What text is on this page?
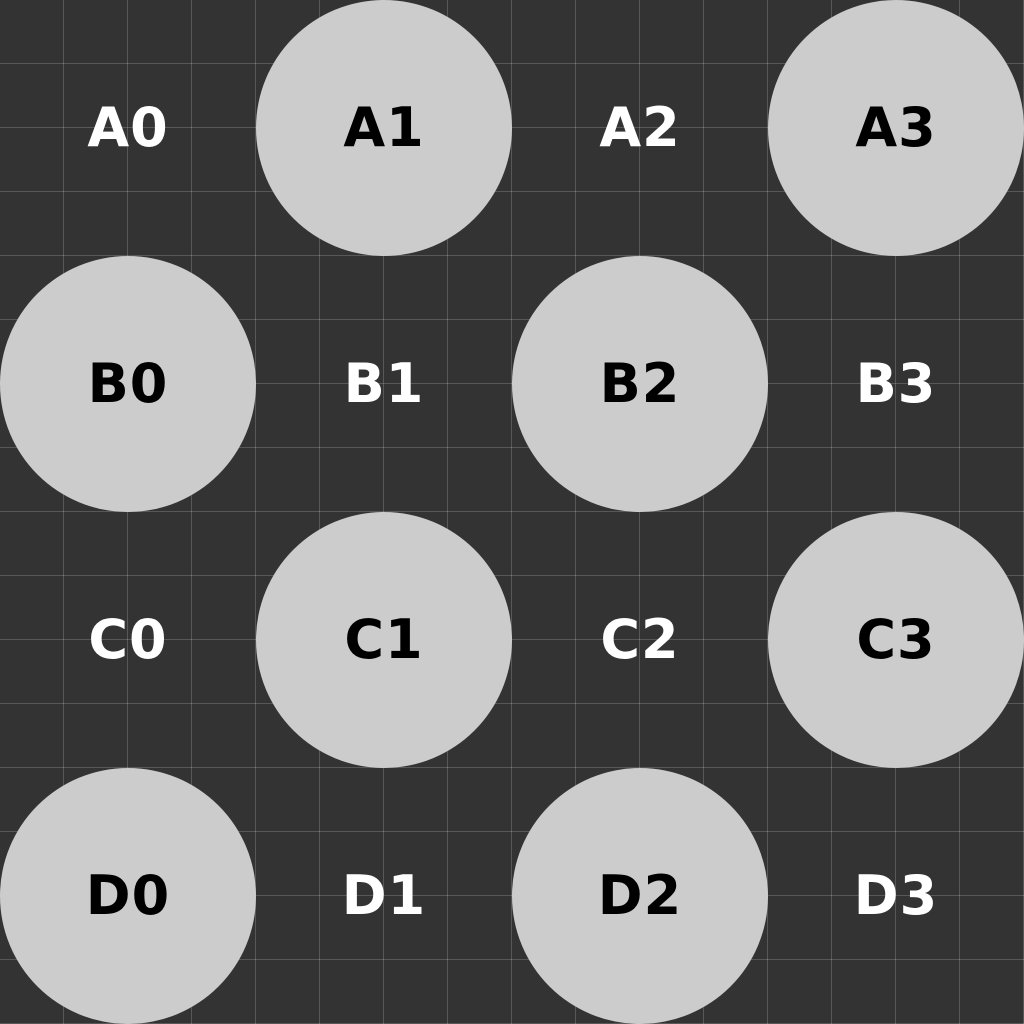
A0	A1	A2	A3
B0	B1	B2	B3
C0	C1	C2	C3
D0	D1	D2	D3
